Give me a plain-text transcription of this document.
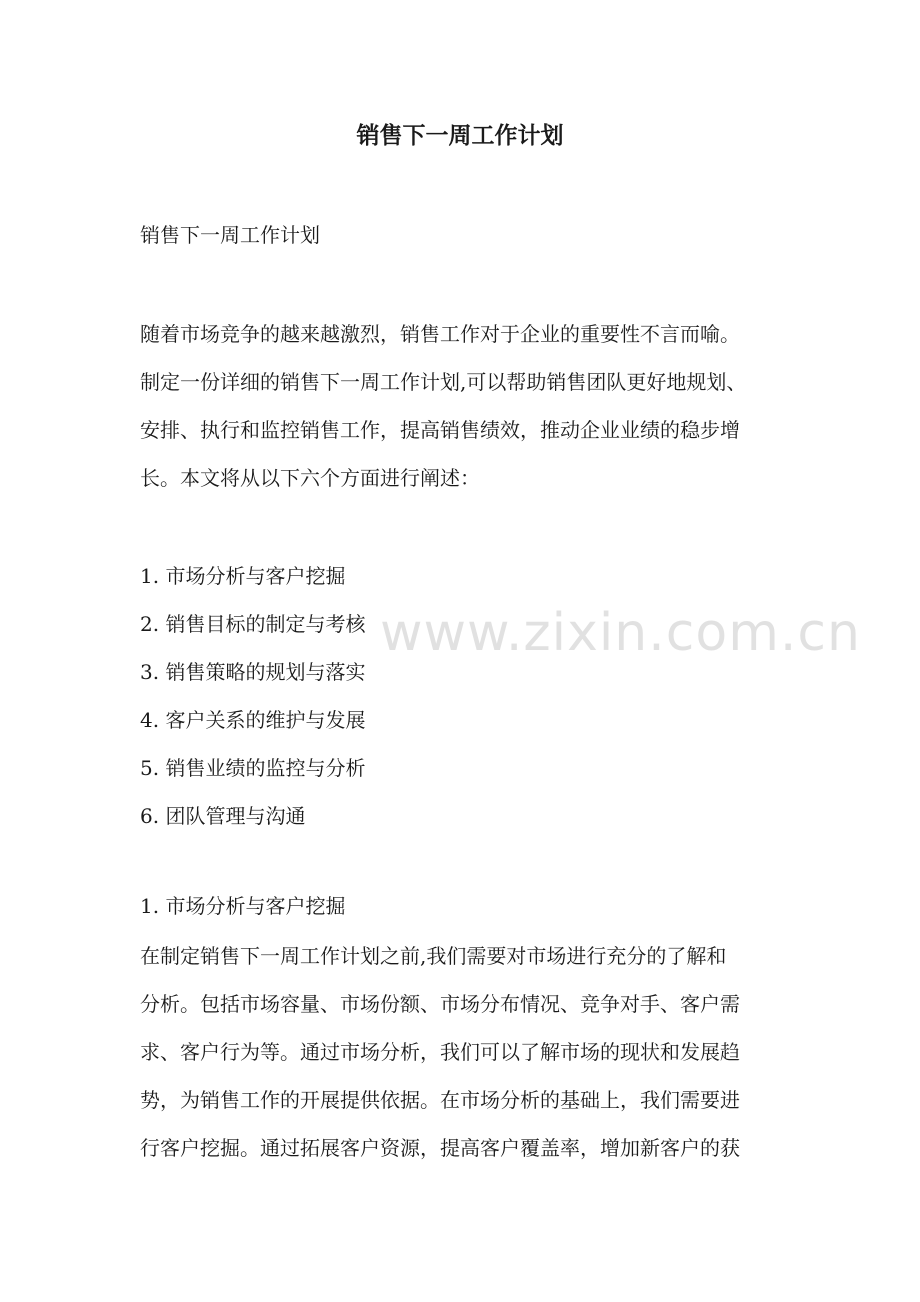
销售下一周工作计划

销售下一周工作计划

随着市场竞争的越来越激烈，销售工作对于企业的重要性不言而喻。
制定一份详细的销售下一周工作计划,可以帮助销售团队更好地规划、
安排、执行和监控销售工作，提高销售绩效，推动企业业绩的稳步增
长。本文将从以下六个方面进行阐述：
1. 市场分析与客户挖掘
2. 销售目标的制定与考核
3. 销售策略的规划与落实
4. 客户关系的维护与发展
5. 销售业绩的监控与分析
6. 团队管理与沟通

1. 市场分析与客户挖掘

在制定销售下一周工作计划之前,我们需要对市场进行充分的了解和
分析。包括市场容量、市场份额、市场分布情况、竞争对手、客户需
求、客户行为等。通过市场分析，我们可以了解市场的现状和发展趋
势，为销售工作的开展提供依据。在市场分析的基础上，我们需要进
行客户挖掘。通过拓展客户资源，提高客户覆盖率，增加新客户的获
www.zixin.com.cn
